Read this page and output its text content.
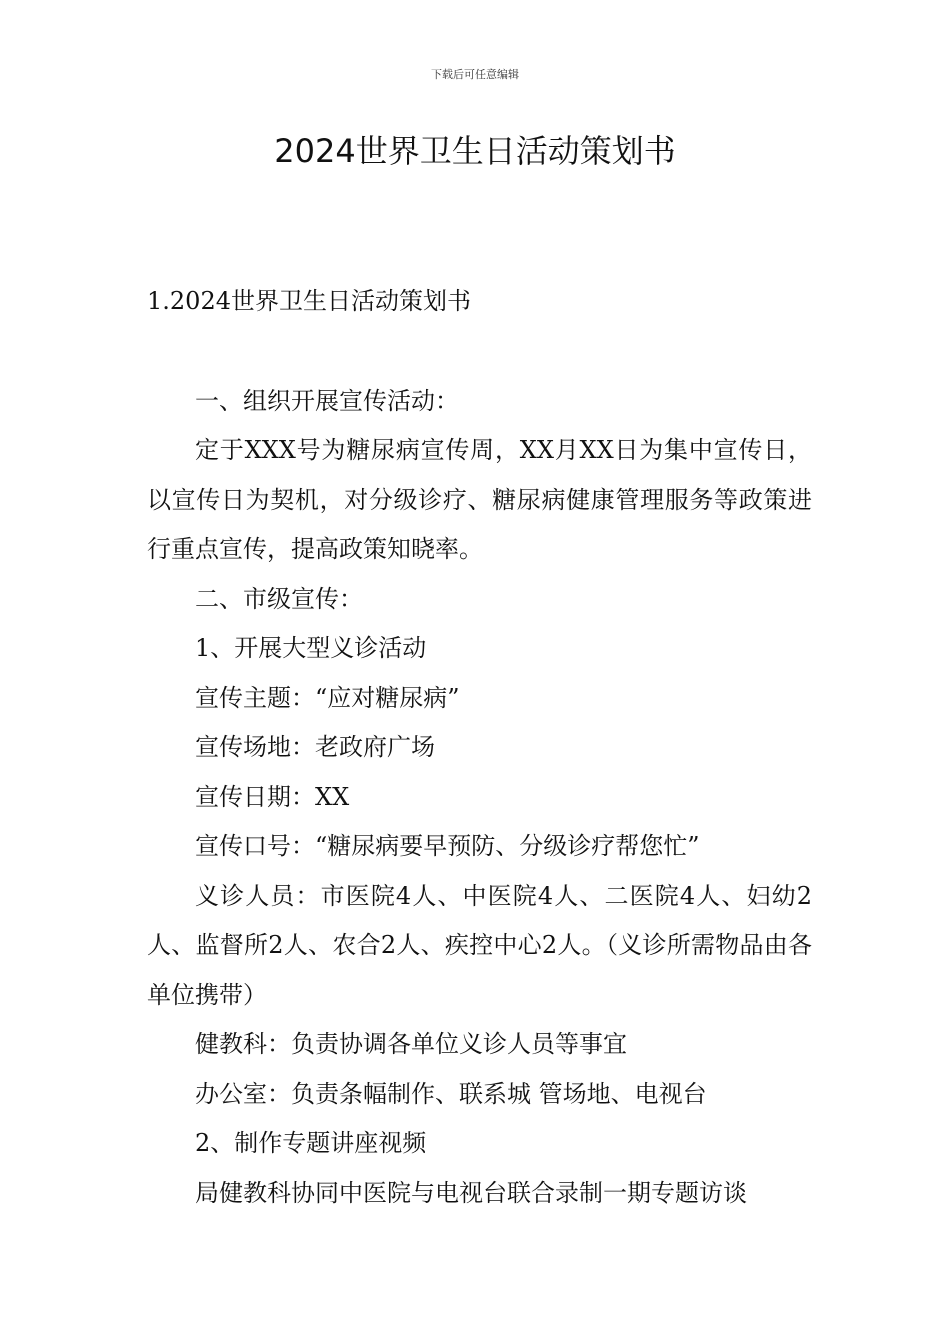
下载后可任意编辑
2024世界卫生日活动策划书

1.2024世界卫生日活动策划书

一、组织开展宣传活动：

定于XXX号为糖尿病宣传周，XX月XX日为集中宣传日，以宣传日为契机，对分级诊疗、糖尿病健康管理服务等政策进行重点宣传，提高政策知晓率。

二、市级宣传：

1、开展大型义诊活动

宣传主题：“应对糖尿病”

宣传场地：老政府广场

宣传日期：XX

宣传口号：“糖尿病要早预防、分级诊疗帮您忙”

义诊人员：市医院4人、中医院4人、二医院4人、妇幼2人、监督所2人、农合2人、疾控中心2人。（义诊所需物品由各单位携带）

健教科：负责协调各单位义诊人员等事宜

办公室：负责条幅制作、联系城 管场地、电视台

2、制作专题讲座视频

局健教科协同中医院与电视台联合录制一期专题访谈
